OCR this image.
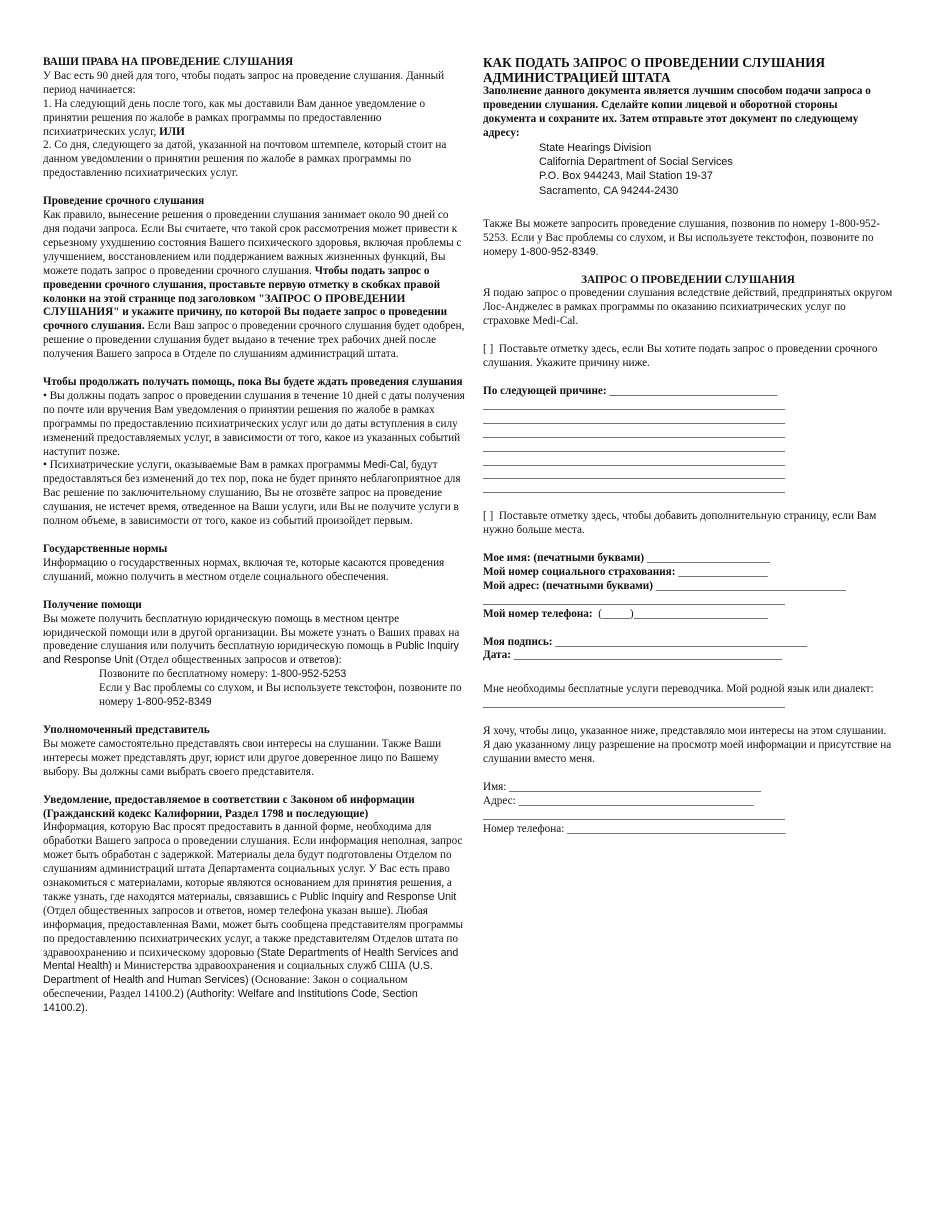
ВАШИ ПРАВА НА ПРОВЕДЕНИЕ СЛУШАНИЯ

У Вас есть 90 дней для того, чтобы подать запрос на проведение слушания. Данный период начинается:

1. На следующий день после того, как мы доставили Вам данное уведомление о принятии решения по жалобе в рамках программы по предоставлению психиатрических услуг, ИЛИ

2. Со дня, следующего за датой, указанной на почтовом штемпеле, который стоит на данном уведомлении о принятии решения по жалобе в рамках программы по предоставлению психиатрических услуг.

Проведение срочного слушания

Как правило, вынесение решения о проведении слушания занимает около 90 дней со дня подачи запроса. Если Вы считаете, что такой срок рассмотрения может привести к серьезному ухудшению состояния Вашего психического здоровья, включая проблемы с улучшением, восстановлением или поддержанием важных жизненных функций, Вы можете подать запрос о проведении срочного слушания. Чтобы подать запрос о проведении срочного слушания, проставьте первую отметку в скобках правой колонки на этой странице под заголовком "ЗАПРОС О ПРОВЕДЕНИИ СЛУШАНИЯ" и укажите причину, по которой Вы подаете запрос о проведении срочного слушания. Если Ваш запрос о проведении срочного слушания будет одобрен, решение о проведении слушания будет выдано в течение трех рабочих дней после получения Вашего запроса в Отделе по слушаниям администраций штата.

Чтобы продолжать получать помощь, пока Вы будете ждать проведения слушания

• Вы должны подать запрос о проведении слушания в течение 10 дней с даты получения по почте или вручения Вам уведомления о принятии решения по жалобе в рамках программы по предоставлению психиатрических услуг или до даты вступления в силу изменений предоставляемых услуг, в зависимости от того, какое из указанных событий наступит позже.

• Психиатрические услуги, оказываемые Вам в рамках программы Medi-Cal, будут предоставляться без изменений до тех пор, пока не будет принято неблагоприятное для Вас решение по заключительному слушанию, Вы не отозвёте запрос на проведение слушания, не истечет время, отведенное на Ваши услуги, или Вы не получите услуги в полном объеме, в зависимости от того, какое из событий произойдет первым.

Государственные нормы

Информацию о государственных нормах, включая те, которые касаются проведения слушаний, можно получить в местном отделе социального обеспечения.

Получение помощи

Вы можете получить бесплатную юридическую помощь в местном центре юридической помощи или в другой организации. Вы можете узнать о Ваших правах на проведение слушания или получить бесплатную юридическую помощь в Public Inquiry and Response Unit (Отдел общественных запросов и ответов):

Позвоните по бесплатному номеру: 1-800-952-5253

Если у Вас проблемы со слухом, и Вы используете текстофон, позвоните по номеру 1-800-952-8349

Уполномоченный представитель

Вы можете самостоятельно представлять свои интересы на слушании. Также Ваши интересы может представлять друг, юрист или другое доверенное лицо по Вашему выбору. Вы должны сами выбрать своего представителя.

Уведомление, предоставляемое в соответствии с Законом об информации (Гражданский кодекс Калифорнии, Раздел 1798 и последующие)

Информация, которую Вас просят предоставить в данной форме, необходима для обработки Вашего запроса о проведении слушания. Если информация неполная, запрос может быть обработан с задержкой. Материалы дела будут подготовлены Отделом по слушаниям администраций штата Департамента социальных услуг. У Вас есть право ознакомиться с материалами, которые являются основанием для принятия решения, а также узнать, где находятся материалы, связавшись с Public Inquiry and Response Unit (Отдел общественных запросов и ответов, номер телефона указан выше). Любая информация, предоставленная Вами, может быть сообщена представителям программы по предоставлению психиатрических услуг, а также представителям Отделов штата по здравоохранению и психическому здоровью (State Departments of Health Services and Mental Health) и Министерства здравоохранения и социальных служб США (U.S. Department of Health and Human Services) (Основание: Закон о социальном обеспечении, Раздел 14100.2) (Authority: Welfare and Institutions Code, Section 14100.2).

КАК ПОДАТЬ ЗАПРОС О ПРОВЕДЕНИИ СЛУШАНИЯ АДМИНИСТРАЦИЕЙ ШТАТА

Заполнение данного документа является лучшим способом подачи запроса о проведении слушания. Сделайте копии лицевой и оборотной стороны документа и сохраните их. Затем отправьте этот документ по следующему адресу:

State Hearings Division

California Department of Social Services

P.O. Box 944243, Mail Station 19-37

Sacramento, CA 94244-2430

Также Вы можете запросить проведение слушания, позвонив по номеру 1-800-952-5253. Если у Вас проблемы со слухом, и Вы используете текстофон, позвоните по номеру 1-800-952-8349.

ЗАПРОС О ПРОВЕДЕНИИ СЛУШАНИЯ

Я подаю запрос о проведении слушания вследствие действий, предпринятых округом Лос-Анджелес в рамках программы по оказанию психиатрических услуг по страховке Medi-Cal.

[ ] Поставьте отметку здесь, если Вы хотите подать запрос о проведении срочного слушания. Укажите причину ниже.

По следующей причине: ______________________________

______________________________________________________

______________________________________________________

______________________________________________________

______________________________________________________

______________________________________________________

______________________________________________________

______________________________________________________

[ ] Поставьте отметку здесь, чтобы добавить дополнительную страницу, если Вам нужно больше места.

Мое имя: (печатными буквами) ______________________

Мой номер социального страхования: ________________

Мой адрес: (печатными буквами) __________________________________

______________________________________________________

Мой номер телефона: (_____)________________________

Моя подпись: _____________________________________________

Дата: ________________________________________________

Мне необходимы бесплатные услуги переводчика. Мой родной язык или диалект: ______________________________________________________

Я хочу, чтобы лицо, указанное ниже, представляло мои интересы на этом слушании. Я даю указанному лицу разрешение на просмотр моей информации и присутствие на слушании вместо меня.

Имя: _____________________________________________

Адрес: __________________________________________

______________________________________________________

Номер телефона: _______________________________________
